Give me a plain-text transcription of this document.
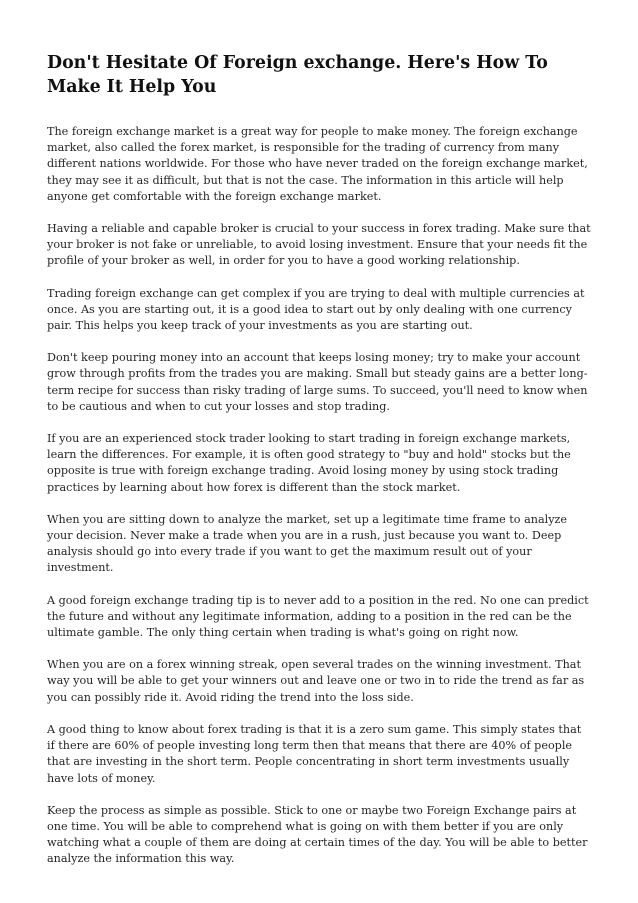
Don't Hesitate Of Foreign exchange. Here's How To Make It Help You

The foreign exchange market is a great way for people to make money. The foreign exchange market, also called the forex market, is responsible for the trading of currency from many different nations worldwide. For those who have never traded on the foreign exchange market, they may see it as difficult, but that is not the case. The information in this article will help anyone get comfortable with the foreign exchange market.

Having a reliable and capable broker is crucial to your success in forex trading. Make sure that your broker is not fake or unreliable, to avoid losing investment. Ensure that your needs fit the profile of your broker as well, in order for you to have a good working relationship.

Trading foreign exchange can get complex if you are trying to deal with multiple currencies at once. As you are starting out, it is a good idea to start out by only dealing with one currency pair. This helps you keep track of your investments as you are starting out.

Don't keep pouring money into an account that keeps losing money; try to make your account grow through profits from the trades you are making. Small but steady gains are a better long-term recipe for success than risky trading of large sums. To succeed, you'll need to know when to be cautious and when to cut your losses and stop trading.

If you are an experienced stock trader looking to start trading in foreign exchange markets, learn the differences. For example, it is often good strategy to "buy and hold" stocks but the opposite is true with foreign exchange trading. Avoid losing money by using stock trading practices by learning about how forex is different than the stock market.

When you are sitting down to analyze the market, set up a legitimate time frame to analyze your decision. Never make a trade when you are in a rush, just because you want to. Deep analysis should go into every trade if you want to get the maximum result out of your investment.

A good foreign exchange trading tip is to never add to a position in the red. No one can predict the future and without any legitimate information, adding to a position in the red can be the ultimate gamble. The only thing certain when trading is what's going on right now.

When you are on a forex winning streak, open several trades on the winning investment. That way you will be able to get your winners out and leave one or two in to ride the trend as far as you can possibly ride it. Avoid riding the trend into the loss side.

A good thing to know about forex trading is that it is a zero sum game. This simply states that if there are 60% of people investing long term then that means that there are 40% of people that are investing in the short term. People concentrating in short term investments usually have lots of money.

Keep the process as simple as possible. Stick to one or maybe two Foreign Exchange pairs at one time. You will be able to comprehend what is going on with them better if you are only watching what a couple of them are doing at certain times of the day. You will be able to better analyze the information this way.
